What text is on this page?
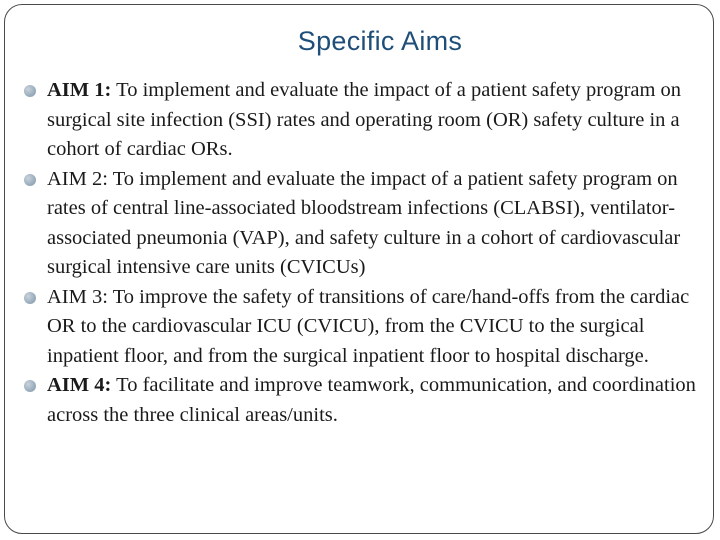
Specific Aims
AIM 1: To implement and evaluate the impact of a patient safety program on surgical site infection (SSI) rates and operating room (OR) safety culture in a cohort of cardiac ORs.
AIM 2: To implement and evaluate the impact of a patient safety program on rates of central line-associated bloodstream infections (CLABSI), ventilator-associated pneumonia (VAP), and safety culture in a cohort of cardiovascular surgical intensive care units (CVICUs)
AIM 3: To improve the safety of transitions of care/hand-offs from the cardiac OR to the cardiovascular ICU (CVICU), from the CVICU to the surgical inpatient floor, and from the surgical inpatient floor to hospital discharge.
AIM 4: To facilitate and improve teamwork, communication, and coordination across the three clinical areas/units.
